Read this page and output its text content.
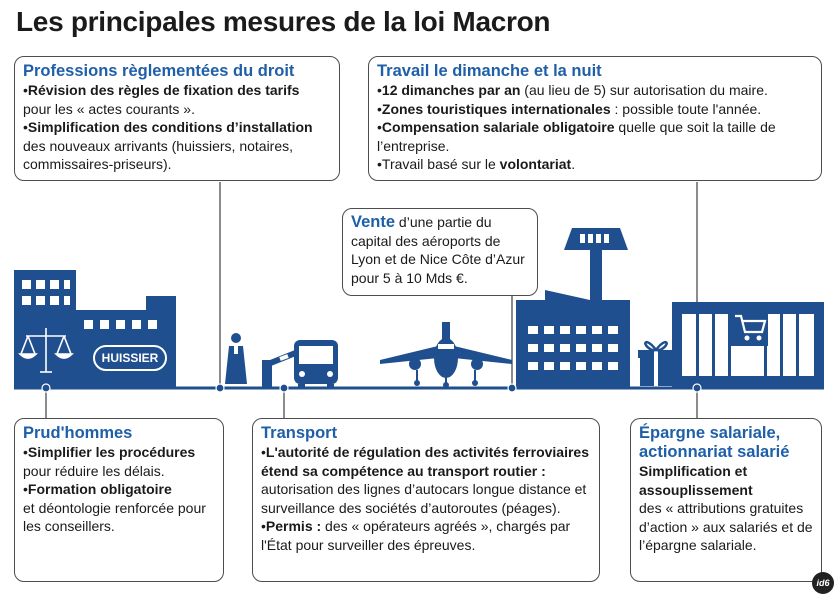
Les principales mesures de la loi Macron
HUISSIER
Professions règlementées du droit

•Révision des règles de fixation des tarifs
pour les « actes courants ».

•Simplification des conditions d’installation des nouveaux arrivants (huissiers, notaires, commissaires-priseurs).

Travail le dimanche et la nuit

•12 dimanches par an (au lieu de 5) sur autorisation du maire.

•Zones touristiques internationales : possible toute l'année.

•Compensation salariale obligatoire quelle que soit la taille de l’entreprise.

•Travail basé sur le volontariat.

Vente d’une partie du capital des aéroports de Lyon et de Nice Côte d’Azur pour 5 à 10 Mds €.

Prud'hommes

•Simplifier les procédures
pour réduire les délais.

•Formation obligatoire
et déontologie renforcée pour les conseillers.

Transport

•L'autorité de régulation des activités ferroviaires étend sa compétence au transport routier : autorisation des lignes d’autocars longue distance et surveillance des sociétés d’autoroutes (péages).

•Permis : des « opérateurs agréés », chargés par l'État pour surveiller des épreuves.

Épargne salariale, actionnariat salarié

Simplification et assouplissement
des « attributions gratuites d’action » aux salariés et de l’épargne salariale.

id6
